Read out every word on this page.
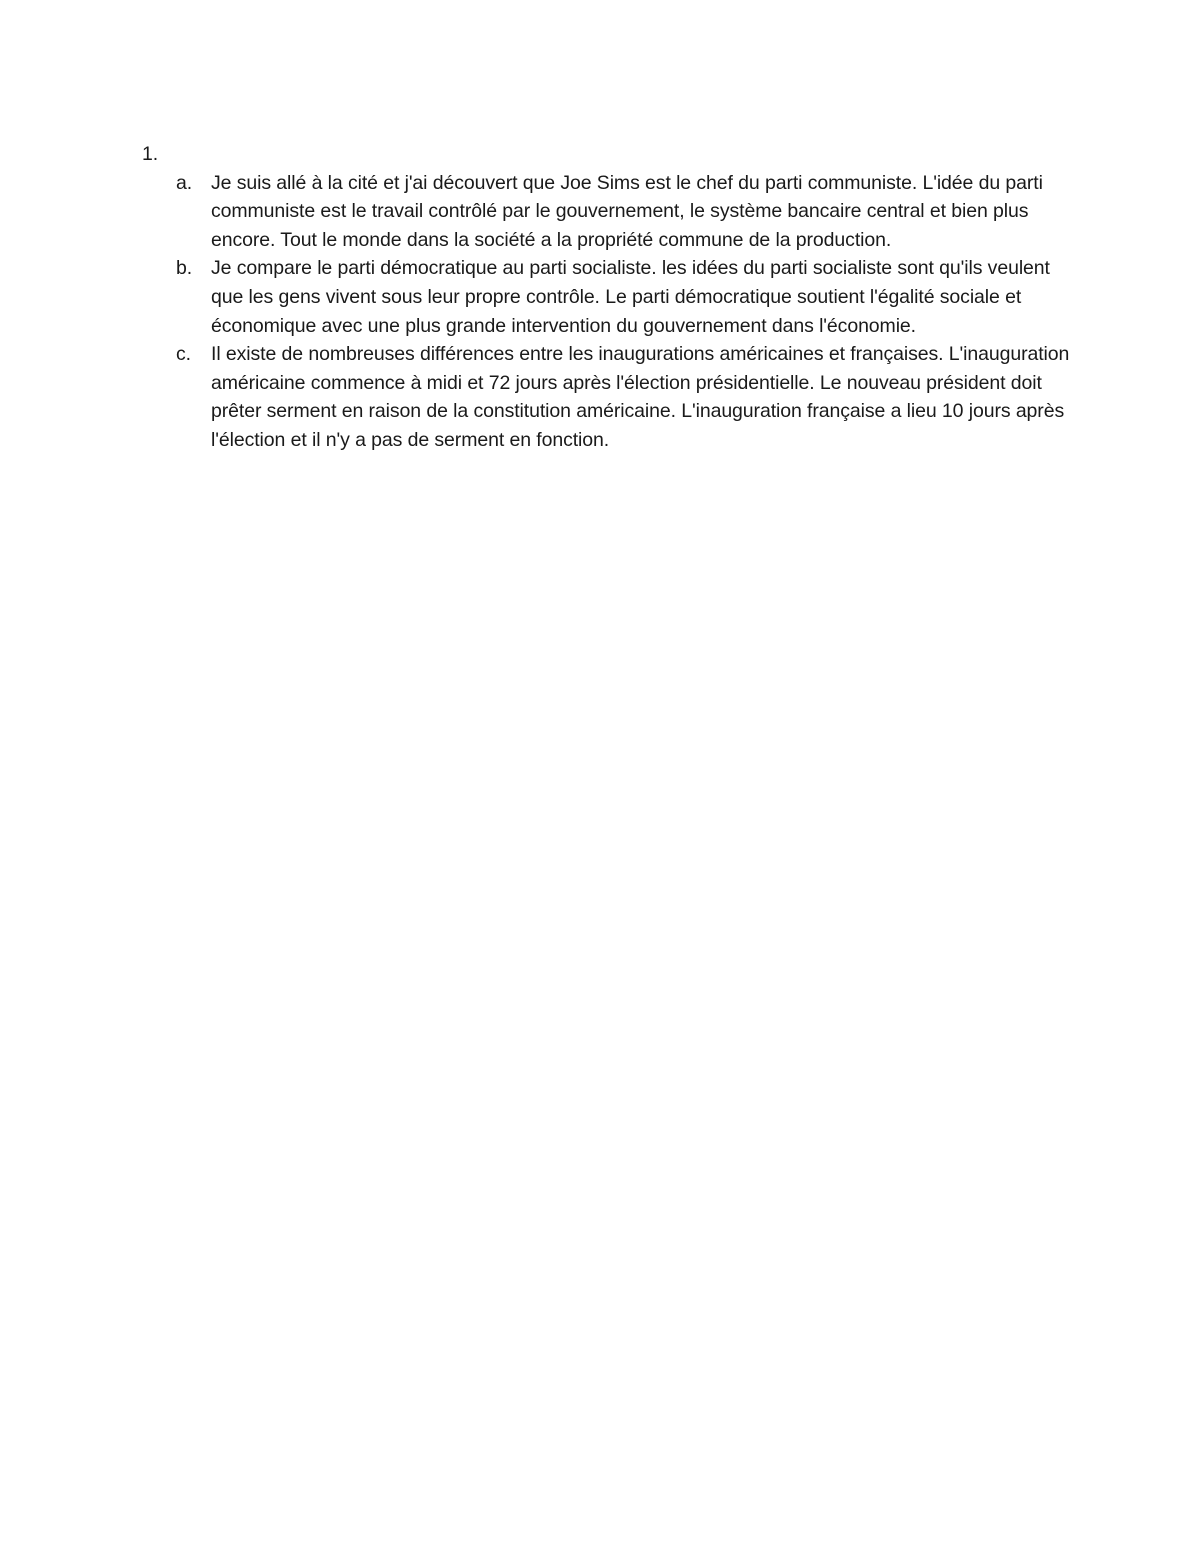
1.
a. Je suis allé à la cité et j'ai découvert que Joe Sims est le chef du parti communiste. L'idée du parti communiste est le travail contrôlé par le gouvernement, le système bancaire central et bien plus encore. Tout le monde dans la société a la propriété commune de la production.
b. Je compare le parti démocratique au parti socialiste. les idées du parti socialiste sont qu'ils veulent que les gens vivent sous leur propre contrôle. Le parti démocratique soutient l'égalité sociale et économique avec une plus grande intervention du gouvernement dans l'économie.
c. Il existe de nombreuses différences entre les inaugurations américaines et françaises. L'inauguration américaine commence à midi et 72 jours après l'élection présidentielle. Le nouveau président doit prêter serment en raison de la constitution américaine. L'inauguration française a lieu 10 jours après l'élection et il n'y a pas de serment en fonction.
